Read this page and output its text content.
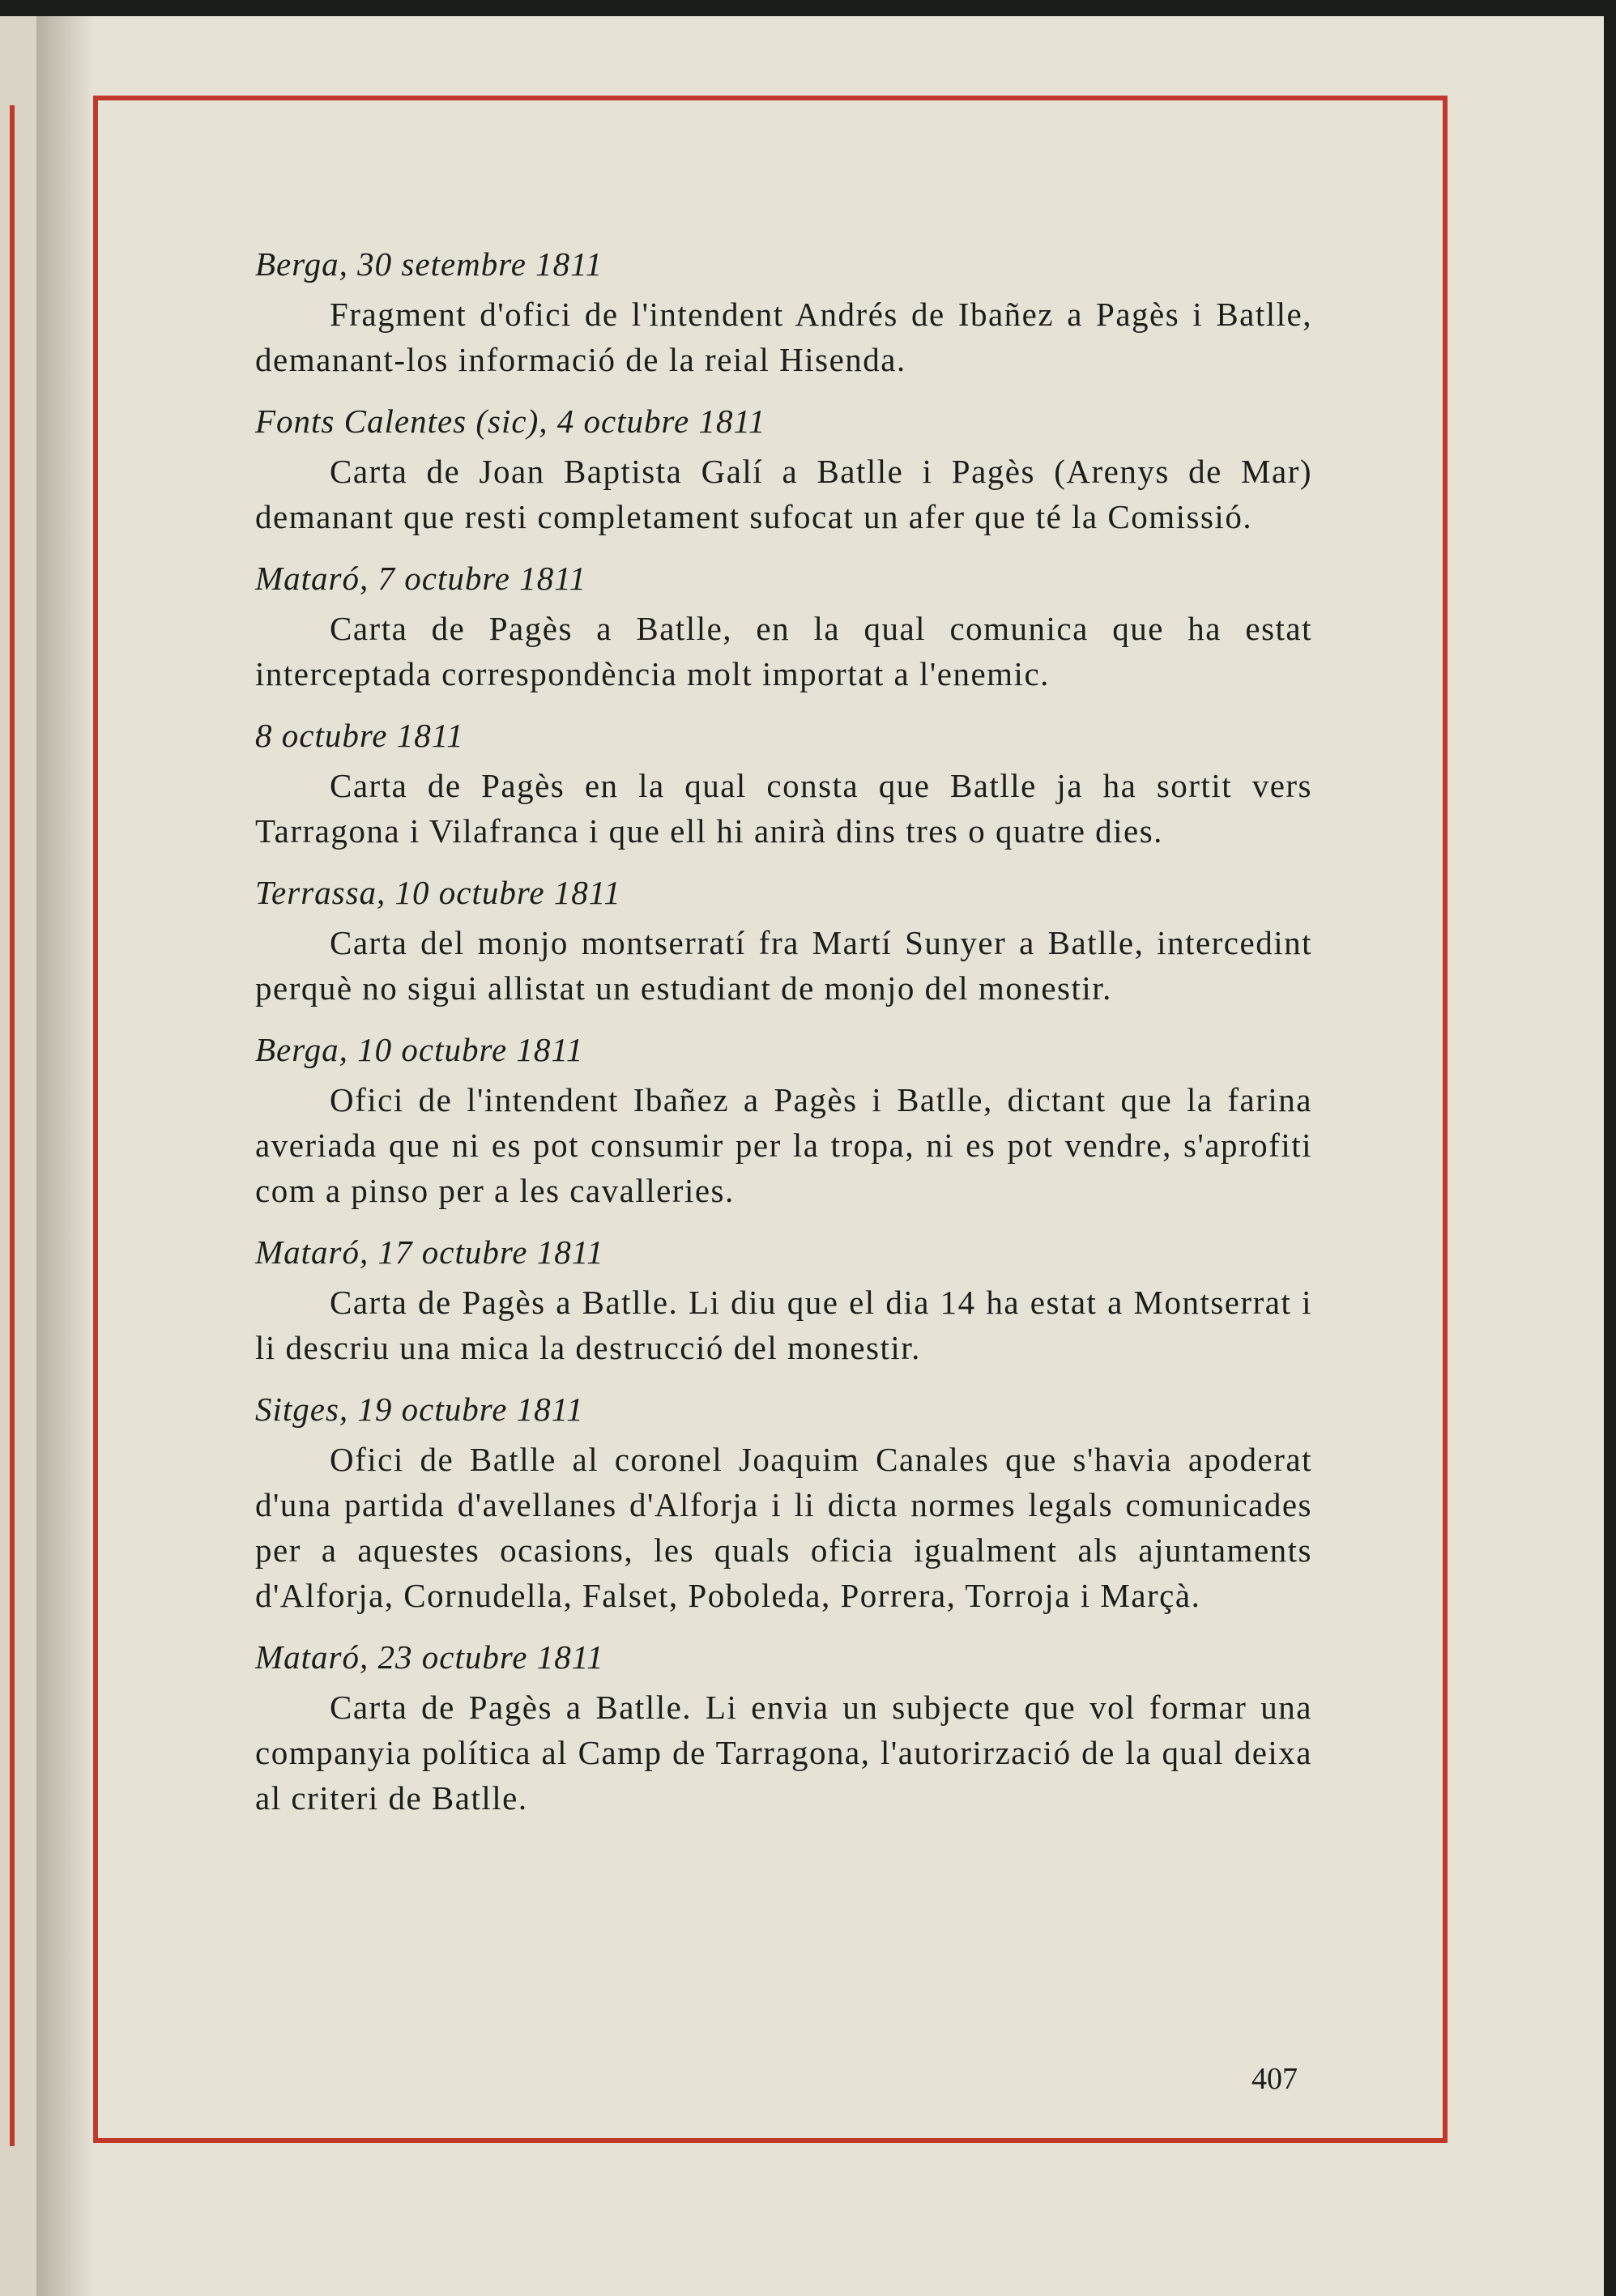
Berga, 30 setembre 1811

Fragment d'ofici de l'intendent Andrés de Ibañez a Pagès i Batlle, demanant-los informació de la reial Hisenda.

Fonts Calentes (sic), 4 octubre 1811

Carta de Joan Baptista Galí a Batlle i Pagès (Arenys de Mar) demanant que resti completament sufocat un afer que té la Comissió.

Mataró, 7 octubre 1811

Carta de Pagès a Batlle, en la qual comunica que ha estat interceptada correspondència molt importat a l'enemic.

8 octubre 1811

Carta de Pagès en la qual consta que Batlle ja ha sortit vers Tarragona i Vilafranca i que ell hi anirà dins tres o quatre dies.

Terrassa, 10 octubre 1811

Carta del monjo montserratí fra Martí Sunyer a Batlle, intercedint perquè no sigui allistat un estudiant de monjo del monestir.

Berga, 10 octubre 1811

Ofici de l'intendent Ibañez a Pagès i Batlle, dictant que la farina averiada que ni es pot consumir per la tropa, ni es pot vendre, s'aprofiti com a pinso per a les cavalleries.

Mataró, 17 octubre 1811

Carta de Pagès a Batlle. Li diu que el dia 14 ha estat a Montserrat i li descriu una mica la destrucció del monestir.

Sitges, 19 octubre 1811

Ofici de Batlle al coronel Joaquim Canales que s'havia apoderat d'una partida d'avellanes d'Alforja i li dicta normes legals comunicades per a aquestes ocasions, les quals oficia igualment als ajuntaments d'Alforja, Cornudella, Falset, Poboleda, Porrera, Torroja i Marçà.

Mataró, 23 octubre 1811

Carta de Pagès a Batlle. Li envia un subjecte que vol formar una companyia política al Camp de Tarragona, l'autorirzació de la qual deixa al criteri de Batlle.

407
